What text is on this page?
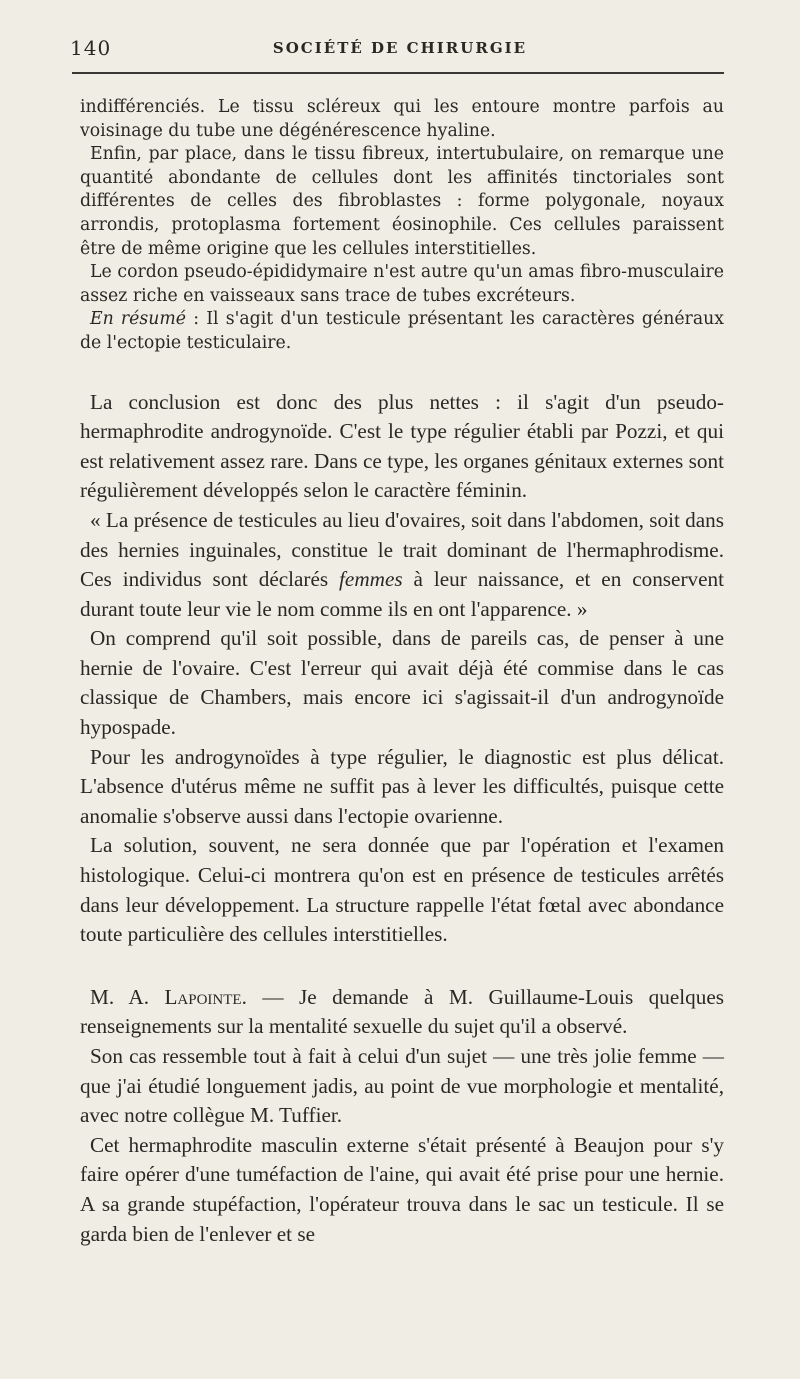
140	SOCIÉTÉ DE CHIRURGIE

indifférenciés. Le tissu scléreux qui les entoure montre parfois au voisinage du tube une dégénérescence hyaline.

Enfin, par place, dans le tissu fibreux, intertubulaire, on remarque une quantité abondante de cellules dont les affinités tinctoriales sont différentes de celles des fibroblastes : forme polygonale, noyaux arrondis, protoplasma fortement éosinophile. Ces cellules paraissent être de même origine que les cellules interstitielles.

Le cordon pseudo-épididymaire n'est autre qu'un amas fibro-musculaire assez riche en vaisseaux sans trace de tubes excréteurs.

En résumé : Il s'agit d'un testicule présentant les caractères généraux de l'ectopie testiculaire.

La conclusion est donc des plus nettes : il s'agit d'un pseudo-hermaphrodite androgynoïde. C'est le type régulier établi par Pozzi, et qui est relativement assez rare. Dans ce type, les organes génitaux externes sont régulièrement développés selon le caractère féminin.

« La présence de testicules au lieu d'ovaires, soit dans l'abdomen, soit dans des hernies inguinales, constitue le trait dominant de l'hermaphrodisme. Ces individus sont déclarés femmes à leur naissance, et en conservent durant toute leur vie le nom comme ils en ont l'apparence. »

On comprend qu'il soit possible, dans de pareils cas, de penser à une hernie de l'ovaire. C'est l'erreur qui avait déjà été commise dans le cas classique de Chambers, mais encore ici s'agissait-il d'un androgynoïde hypospade.

Pour les androgynoïdes à type régulier, le diagnostic est plus délicat. L'absence d'utérus même ne suffit pas à lever les difficultés, puisque cette anomalie s'observe aussi dans l'ectopie ovarienne.

La solution, souvent, ne sera donnée que par l'opération et l'examen histologique. Celui-ci montrera qu'on est en présence de testicules arrêtés dans leur développement. La structure rappelle l'état fœtal avec abondance toute particulière des cellules interstitielles.

M. A. Lapointe. — Je demande à M. Guillaume-Louis quelques renseignements sur la mentalité sexuelle du sujet qu'il a observé.

Son cas ressemble tout à fait à celui d'un sujet — une très jolie femme — que j'ai étudié longuement jadis, au point de vue morphologie et mentalité, avec notre collègue M. Tuffier.

Cet hermaphrodite masculin externe s'était présenté à Beaujon pour s'y faire opérer d'une tuméfaction de l'aine, qui avait été prise pour une hernie. A sa grande stupéfaction, l'opérateur trouva dans le sac un testicule. Il se garda bien de l'enlever et se
